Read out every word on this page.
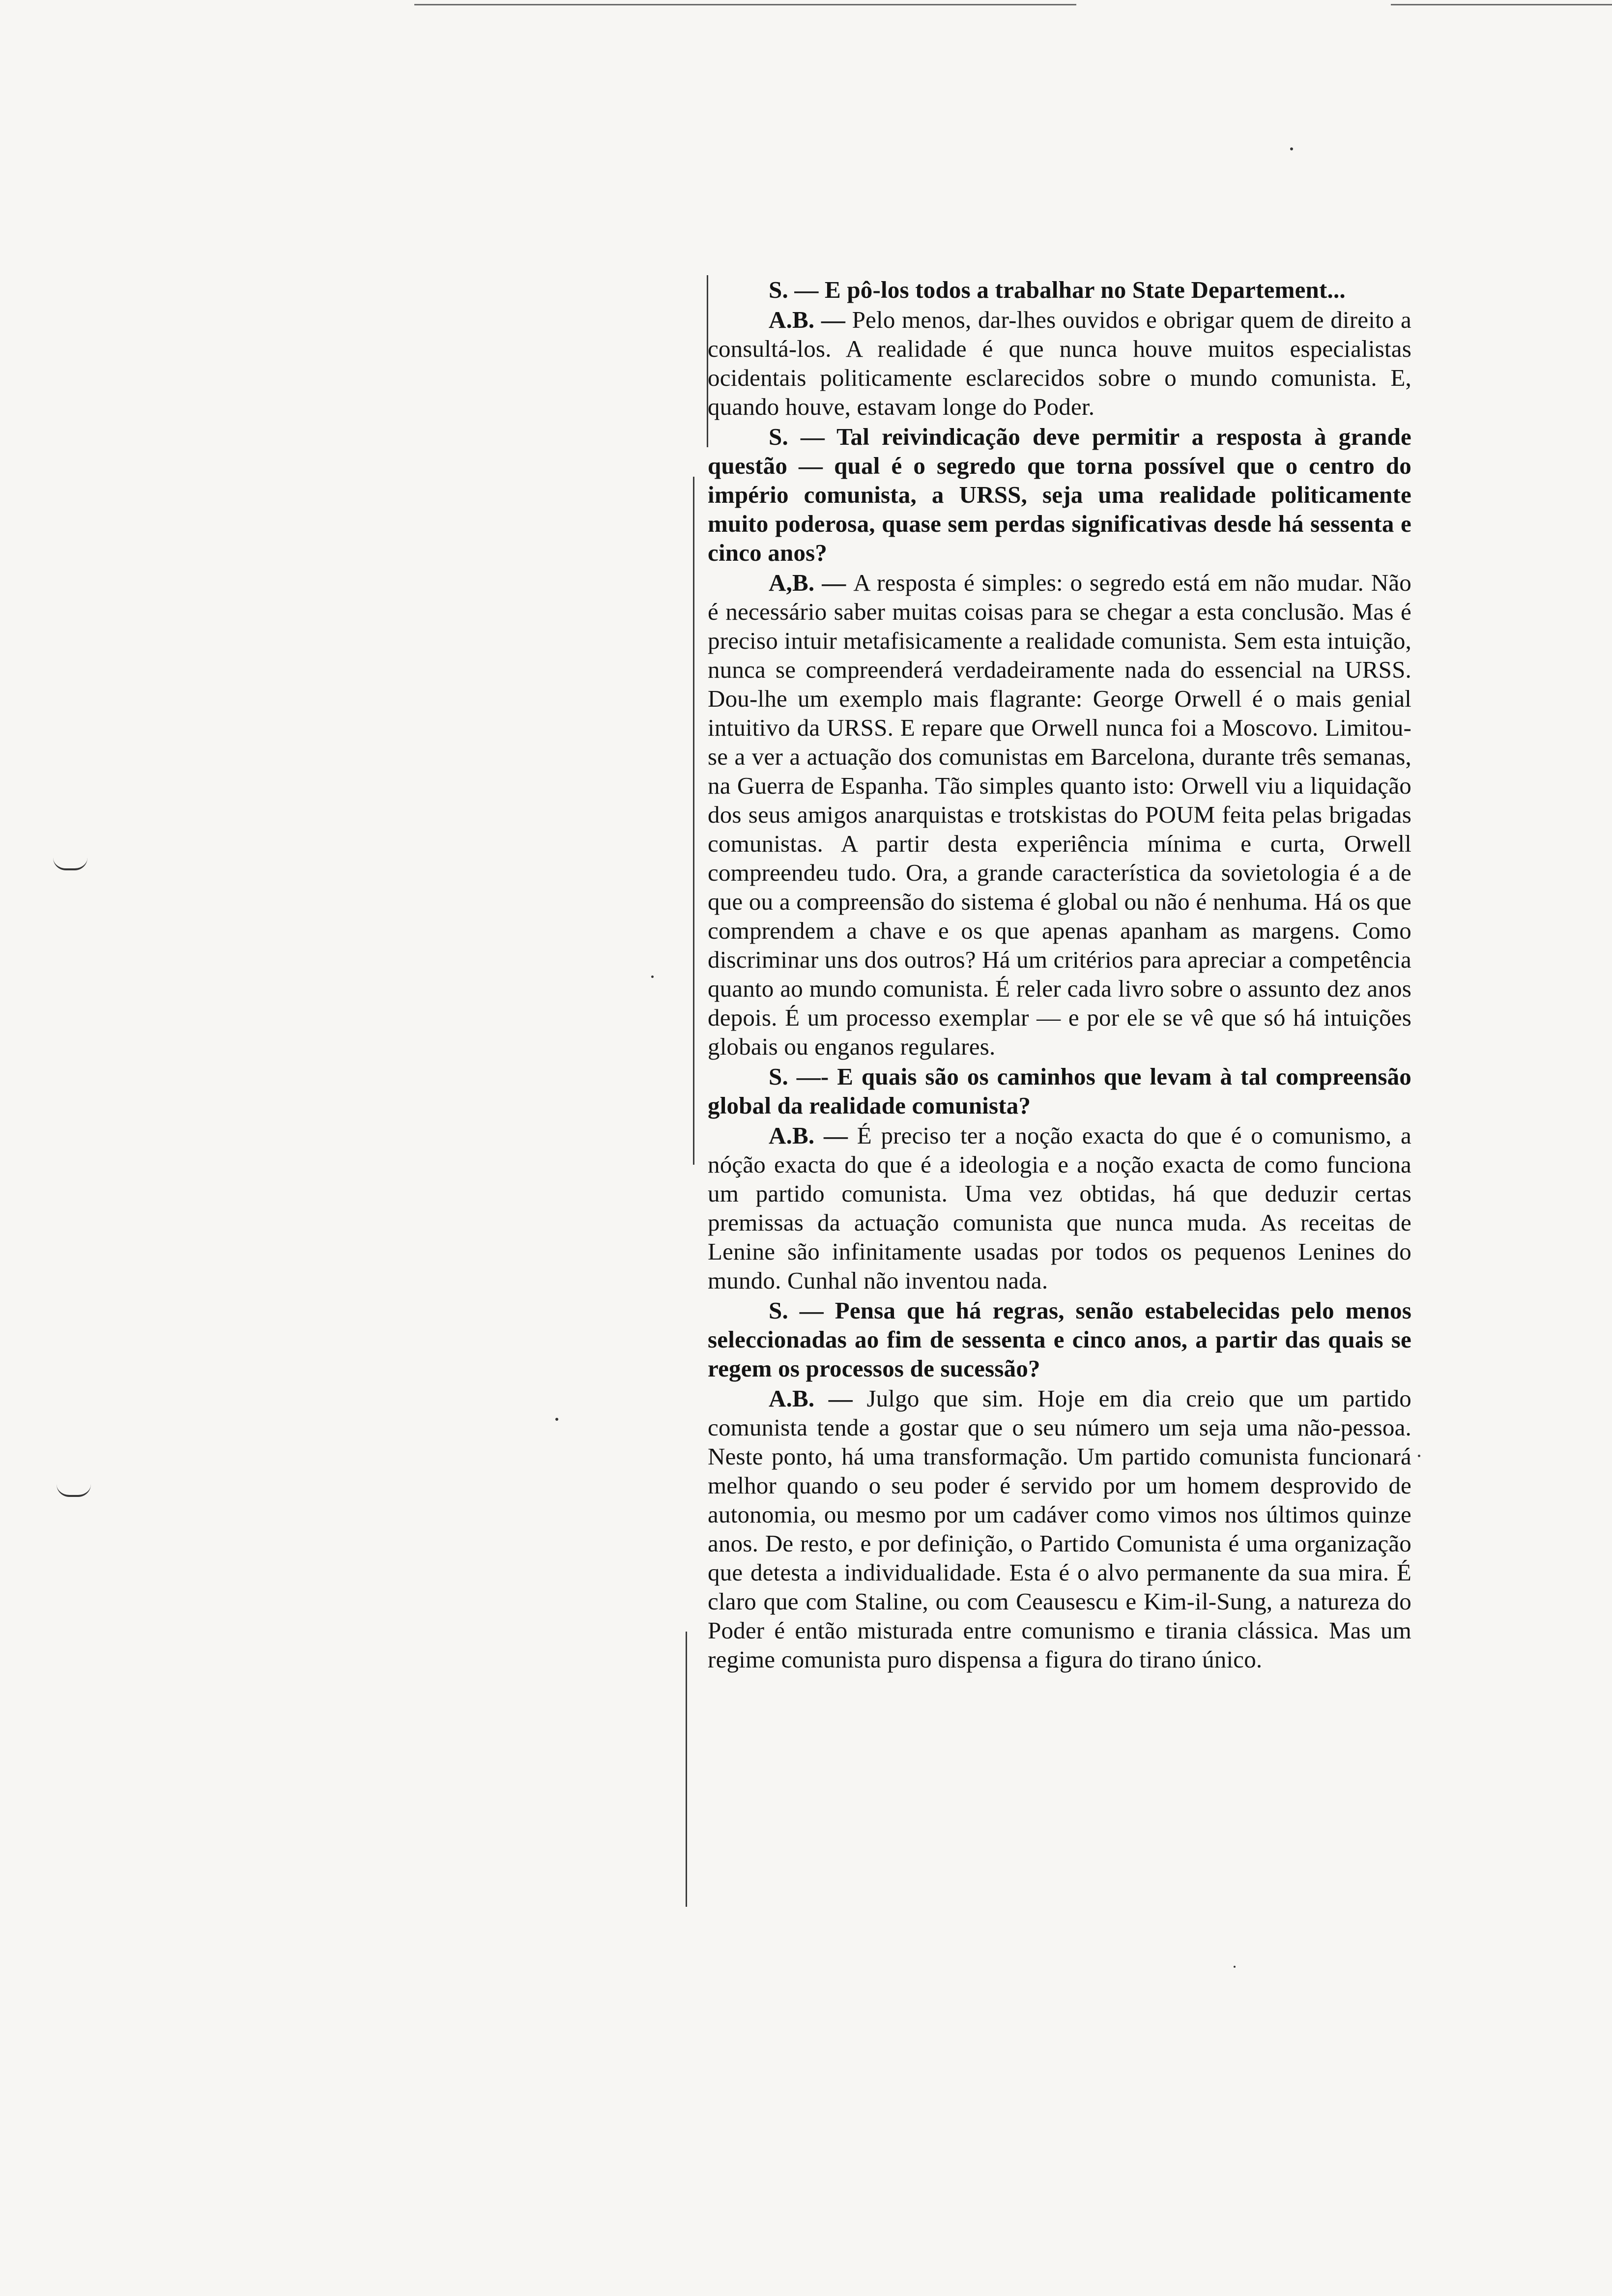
S. — E pô-los todos a trabalhar no State Departement...

A.B. — Pelo menos, dar-lhes ouvidos e obrigar quem de direito a consultá-los. A realidade é que nunca houve muitos especialistas ocidentais politicamente esclarecidos sobre o mundo comunista. E, quando houve, estavam longe do Poder.

S. — Tal reivindicação deve permitir a resposta à grande questão — qual é o segredo que torna possível que o centro do império comunista, a URSS, seja uma realidade politicamente muito poderosa, quase sem perdas significativas desde há sessenta e cinco anos?

A,B. — A resposta é simples: o segredo está em não mudar. Não é necessário saber muitas coisas para se chegar a esta conclusão. Mas é preciso intuir metafisicamente a realidade comunista. Sem esta intuição, nunca se compreenderá verdadeiramente nada do essencial na URSS. Dou-lhe um exemplo mais flagrante: George Orwell é o mais genial intuitivo da URSS. E repare que Orwell nunca foi a Moscovo. Limitou-se a ver a actuação dos comunistas em Barcelona, durante três semanas, na Guerra de Espanha. Tão simples quanto isto: Orwell viu a liquidação dos seus amigos anarquistas e trotskistas do POUM feita pelas brigadas comunistas. A partir desta experiência mínima e curta, Orwell compreendeu tudo. Ora, a grande característica da sovietologia é a de que ou a compreensão do sistema é global ou não é nenhuma. Há os que comprendem a chave e os que apenas apanham as margens. Como discriminar uns dos outros? Há um critérios para apreciar a competência quanto ao mundo comunista. É reler cada livro sobre o assunto dez anos depois. É um processo exemplar — e por ele se vê que só há intuições globais ou enganos regulares.

S. —- E quais são os caminhos que levam à tal compreensão global da realidade comunista?

A.B. — É preciso ter a noção exacta do que é o comunismo, a nóção exacta do que é a ideologia e a noção exacta de como funciona um partido comunista. Uma vez obtidas, há que deduzir certas premissas da actuação comunista que nunca muda. As receitas de Lenine são infinitamente usadas por todos os pequenos Lenines do mundo. Cunhal não inventou nada.

S. — Pensa que há regras, senão estabelecidas pelo menos seleccionadas ao fim de sessenta e cinco anos, a partir das quais se regem os processos de sucessão?

A.B. — Julgo que sim. Hoje em dia creio que um partido comunista tende a gostar que o seu número um seja uma não-pessoa. Neste ponto, há uma transformação. Um partido comunista funcionará melhor quando o seu poder é servido por um homem desprovido de autonomia, ou mesmo por um cadáver como vimos nos últimos quinze anos. De resto, e por definição, o Partido Comunista é uma organização que detesta a individualidade. Esta é o alvo permanente da sua mira. É claro que com Staline, ou com Ceausescu e Kim-il-Sung, a natureza do Poder é então misturada entre comunismo e tirania clássica. Mas um regime comunista puro dispensa a figura do tirano único.
